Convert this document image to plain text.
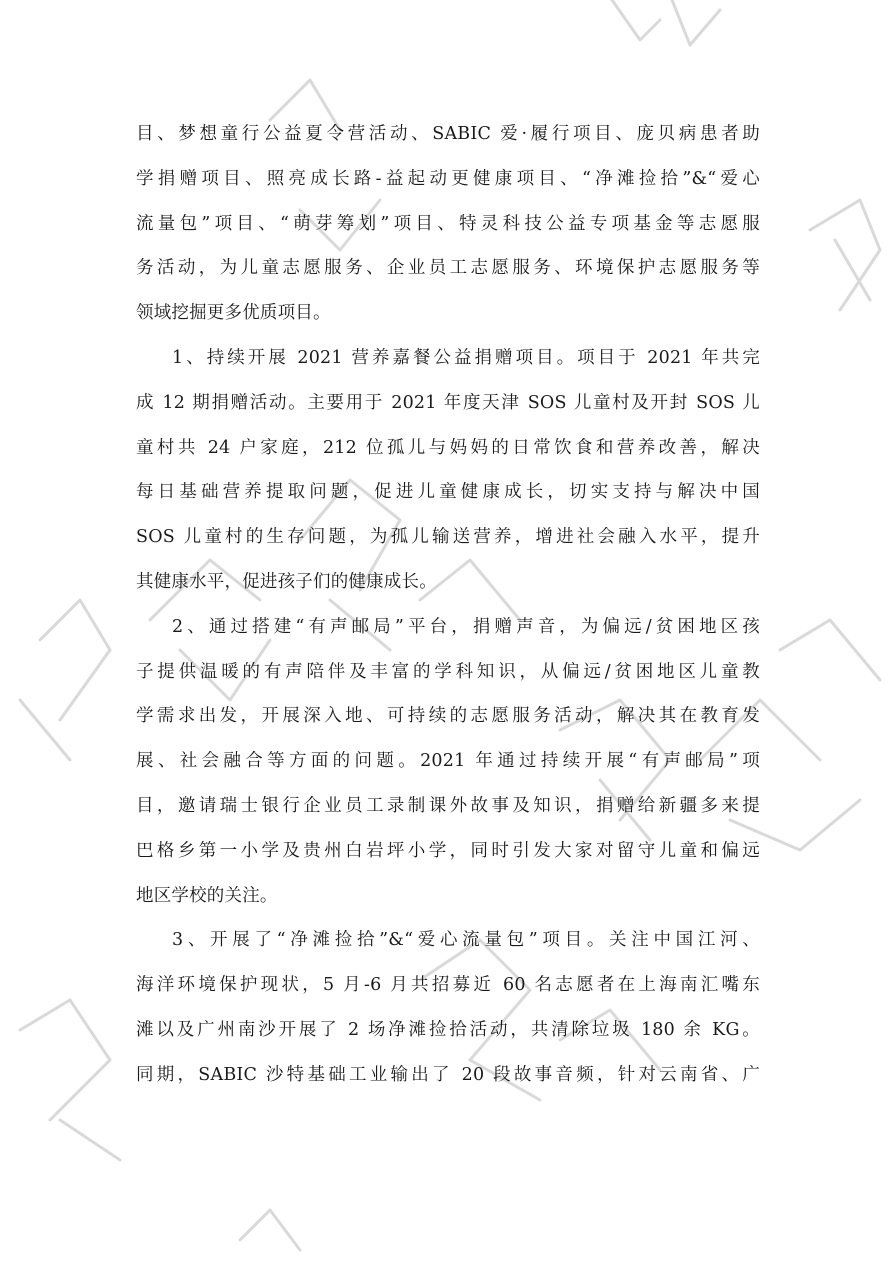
目、梦想童行公益夏令营活动、SABIC 爱·履行项目、庞贝病患者助
学捐赠项目、照亮成长路-益起动更健康项目、“净滩捡拾”&“爱心
流量包”项目、“萌芽筹划”项目、特灵科技公益专项基金等志愿服
务活动，为儿童志愿服务、企业员工志愿服务、环境保护志愿服务等
领域挖掘更多优质项目。
1、持续开展 2021 营养嘉餐公益捐赠项目。项目于 2021 年共完
成 12 期捐赠活动。主要用于 2021 年度天津 SOS 儿童村及开封 SOS 儿
童村共 24 户家庭，212 位孤儿与妈妈的日常饮食和营养改善，解决
每日基础营养提取问题，促进儿童健康成长，切实支持与解决中国
SOS 儿童村的生存问题，为孤儿输送营养，增进社会融入水平，提升
其健康水平，促进孩子们的健康成长。
2、通过搭建“有声邮局”平台，捐赠声音，为偏远/贫困地区孩
子提供温暖的有声陪伴及丰富的学科知识，从偏远/贫困地区儿童教
学需求出发，开展深入地、可持续的志愿服务活动，解决其在教育发
展、社会融合等方面的问题。2021 年通过持续开展“有声邮局”项
目，邀请瑞士银行企业员工录制课外故事及知识，捐赠给新疆多来提
巴格乡第一小学及贵州白岩坪小学，同时引发大家对留守儿童和偏远
地区学校的关注。
3、开展了“净滩捡拾”&“爱心流量包”项目。关注中国江河、
海洋环境保护现状，5 月-6 月共招募近 60 名志愿者在上海南汇嘴东
滩以及广州南沙开展了 2 场净滩捡拾活动，共清除垃圾 180 余 KG。
同期，SABIC 沙特基础工业输出了 20 段故事音频，针对云南省、广
